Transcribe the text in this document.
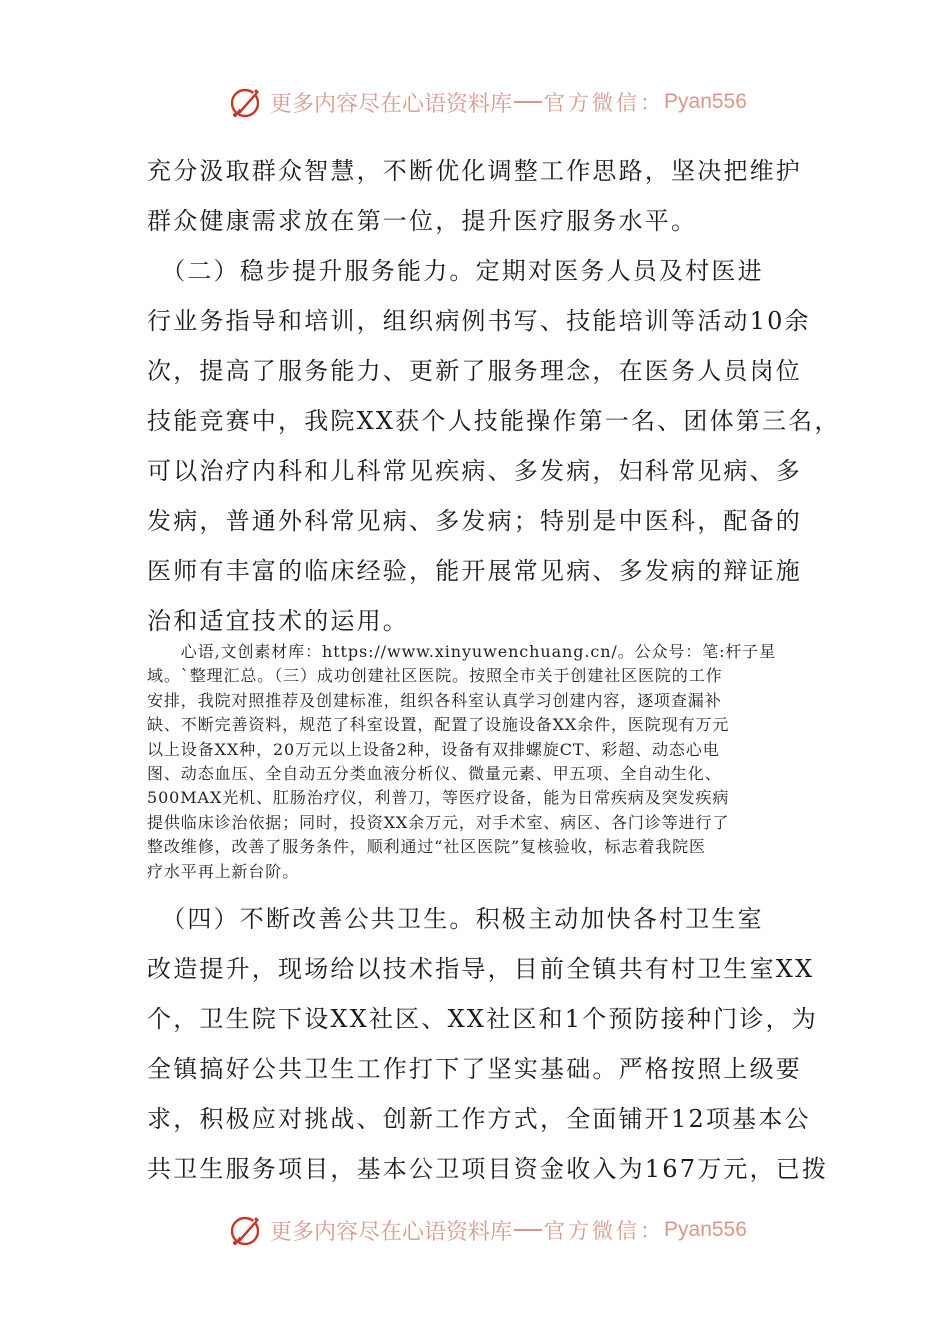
更多内容尽在心语资料库 官方微信： Pyan556
充分汲取群众智慧，不断优化调整工作思路，坚决把维护
群众健康需求放在第一位，提升医疗服务水平。
　（二）稳步提升服务能力。定期对医务人员及村医进
行业务指导和培训，组织病例书写、技能培训等活动10余
次，提高了服务能力、更新了服务理念，在医务人员岗位
技能竞赛中，我院XX获个人技能操作第一名、团体第三名，
可以治疗内科和儿科常见疾病、多发病，妇科常见病、多
发病，普通外科常见病、多发病；特别是中医科，配备的
医师有丰富的临床经验，能开展常见病、多发病的辩证施
治和适宜技术的运用。
　　心语,文创素材库：https://www.xinyuwenchuang.cn/。公众号：笔:杆子星
域。`整理汇总。（三）成功创建社区医院。按照全市关于创建社区医院的工作
安排，我院对照推荐及创建标准，组织各科室认真学习创建内容，逐项查漏补
缺、不断完善资料，规范了科室设置，配置了设施设备XX余件，医院现有万元
以上设备XX种，20万元以上设备2种，设备有双排螺旋CT、彩超、动态心电
图、动态血压、全自动五分类血液分析仪、微量元素、甲五项、全自动生化、
500MAX光机、肛肠治疗仪，利普刀，等医疗设备，能为日常疾病及突发疾病
提供临床诊治依据；同时，投资XX余万元，对手术室、病区、各门诊等进行了
整改维修，改善了服务条件，顺利通过“社区医院”复核验收，标志着我院医
疗水平再上新台阶。
　（四）不断改善公共卫生。积极主动加快各村卫生室
改造提升，现场给以技术指导，目前全镇共有村卫生室XX
个，卫生院下设XX社区、XX社区和1个预防接种门诊，为
全镇搞好公共卫生工作打下了坚实基础。严格按照上级要
求，积极应对挑战、创新工作方式，全面铺开12项基本公
共卫生服务项目，基本公卫项目资金收入为167万元，已拨
更多内容尽在心语资料库 官方微信： Pyan556
